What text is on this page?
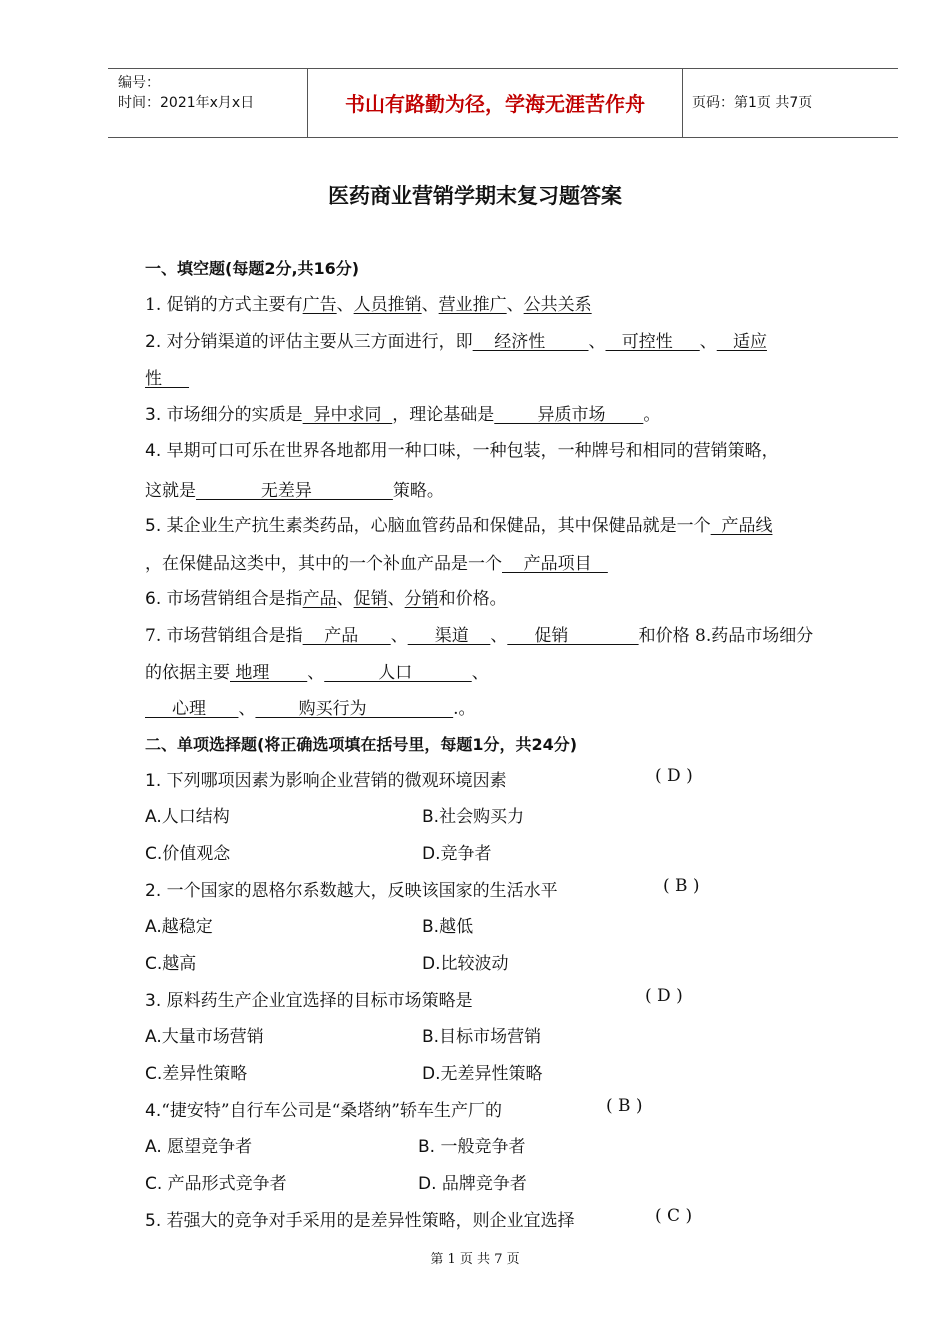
编号：
时间：2021年x月x日	书山有路勤为径，学海无涯苦作舟	页码：第1页 共7页
医药商业营销学期末复习题答案
一、填空题(每题2分,共16分)
1. 促销的方式主要有广告、人员推销、营业推广、公共关系
2. 对分销渠道的评估主要从三方面进行，即    经济性        、   可控性     、   适应
性
3. 市场细分的实质是  异中求同  ，理论基础是        异质市场       。
4. 早期可口可乐在世界各地都用一种口味，一种包装，一种牌号和相同的营销策略，
这就是            无差异               策略。
5. 某企业生产抗生素类药品，心脑血管药品和保健品，其中保健品就是一个  产品线
，在保健品这类中，其中的一个补血产品是一个    产品项目
6. 市场营销组合是指产品、促销、分销和价格。
7. 市场营销组合是指    产品      、     渠道    、     促销             和价格 8.药品市场细分
的依据主要 地理       、          人口           、
心理      、        购买行为                .。
二、单项选择题(将正确选项填在括号里，每题1分，共24分)
1. 下列哪项因素为影响企业营销的微观环境因素	( D )
A.人口结构	B.社会购买力
C.价值观念	D.竞争者
2. 一个国家的恩格尔系数越大，反映该国家的生活水平	( B )
A.越稳定	B.越低
C.越高	D.比较波动
3. 原料药生产企业宜选择的目标市场策略是	( D )
A.大量市场营销	B.目标市场营销
C.差异性策略	D.无差异性策略
4.“捷安特”自行车公司是“桑塔纳”轿车生产厂的	( B )
A. 愿望竞争者	B. 一般竞争者
C. 产品形式竞争者	D. 品牌竞争者
5. 若强大的竞争对手采用的是差异性策略，则企业宜选择	( C )
第 1 页 共 7 页
